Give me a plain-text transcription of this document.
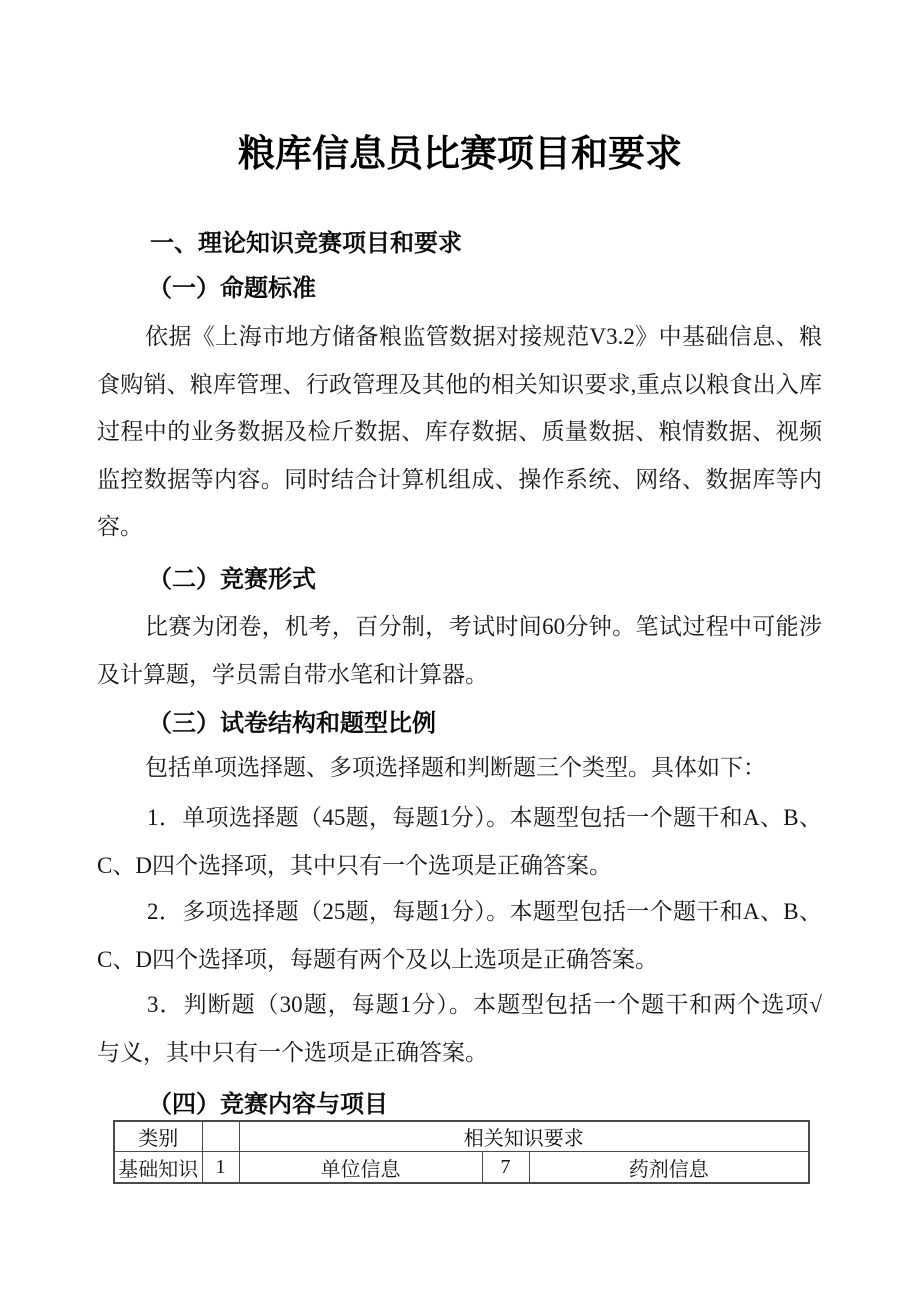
粮库信息员比赛项目和要求
一、理论知识竞赛项目和要求
（一）命题标准
依据《上海市地方储备粮监管数据对接规范V3.2》中基础信息、粮
食购销、粮库管理、行政管理及其他的相关知识要求,重点以粮食出入库
过程中的业务数据及检斤数据、库存数据、质量数据、粮情数据、视频
监控数据等内容。同时结合计算机组成、操作系统、网络、数据库等内
容。
（二）竞赛形式
比赛为闭卷，机考，百分制，考试时间60分钟。笔试过程中可能涉
及计算题，学员需自带水笔和计算器。
（三）试卷结构和题型比例
包括单项选择题、多项选择题和判断题三个类型。具体如下：
1．单项选择题（45题，每题1分）。本题型包括一个题干和A、B、
C、D四个选择项，其中只有一个选项是正确答案。
2．多项选择题（25题，每题1分）。本题型包括一个题干和A、B、
C、D四个选择项，每题有两个及以上选项是正确答案。
3．判断题（30题，每题1分）。本题型包括一个题干和两个选项√
与义，其中只有一个选项是正确答案。
（四）竞赛内容与项目
类别		相关知识要求		
基础知识	1	单位信息	7	药剂信息
